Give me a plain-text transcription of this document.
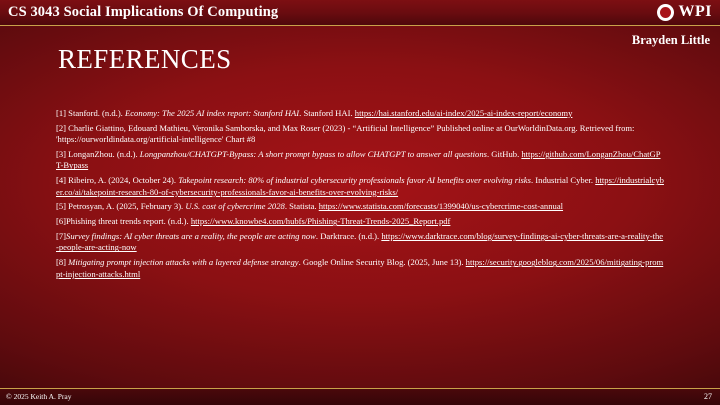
CS 3043 Social Implications Of Computing	WPI
Brayden Little
REFERENCES
[1] Stanford. (n.d.). Economy: The 2025 AI index report: Stanford HAI. Stanford HAI. https://hai.stanford.edu/ai-index/2025-ai-index-report/economy
[2] Charlie Giattino, Edouard Mathieu, Veronika Samborska, and Max Roser (2023) - “Artificial Intelligence” Published online at OurWorldinData.org. Retrieved from: 'https://ourworldindata.org/artificial-intelligence' Chart #8
[3] LonganZhou. (n.d.). Longpanzhou/CHATGPT-Bypass: A short prompt bypass to allow CHATGPT to answer all questions. GitHub. https://github.com/LonganZhou/ChatGPT-Bypass
[4] Ribeiro, A. (2024, October 24). Takepoint research: 80% of industrial cybersecurity professionals favor AI benefits over evolving risks. Industrial Cyber. https://industrialcyber.co/ai/takepoint-research-80-of-cybersecurity-professionals-favor-ai-benefits-over-evolving-risks/
[5] Petrosyan, A. (2025, February 3). U.S. cost of cybercrime 2028. Statista. https://www.statista.com/forecasts/1399040/us-cybercrime-cost-annual
[6]Phishing threat trends report. (n.d.). https://www.knowbe4.com/hubfs/Phishing-Threat-Trends-2025_Report.pdf
[7]Survey findings: AI cyber threats are a reality, the people are acting now. Darktrace. (n.d.). https://www.darktrace.com/blog/survey-findings-ai-cyber-threats-are-a-reality-the-people-are-acting-now
[8] Mitigating prompt injection attacks with a layered defense strategy. Google Online Security Blog. (2025, June 13). https://security.googleblog.com/2025/06/mitigating-prompt-injection-attacks.html
© 2025 Keith A. Pray	27
